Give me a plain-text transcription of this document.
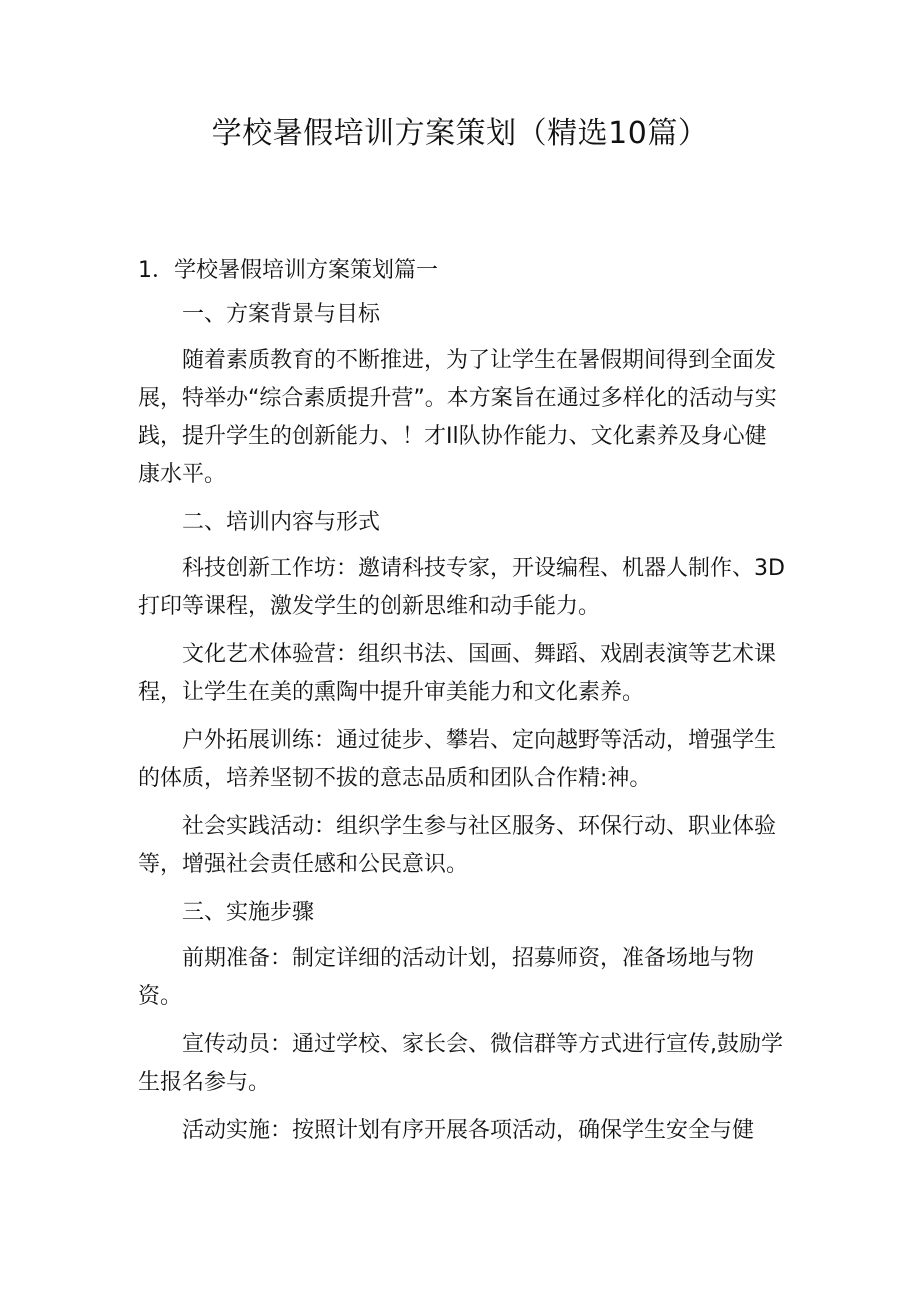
学校暑假培训方案策划（精选10篇）

1．学校暑假培训方案策划篇一

一、方案背景与目标

随着素质教育的不断推进，为了让学生在暑假期间得到全面发展，特举办“综合素质提升营”。本方案旨在通过多样化的活动与实践，提升学生的创新能力、！才Il队协作能力、文化素养及身心健康水平。

二、培训内容与形式

科技创新工作坊：邀请科技专家，开设编程、机器人制作、3D打印等课程，激发学生的创新思维和动手能力。

文化艺术体验营：组织书法、国画、舞蹈、戏剧表演等艺术课程，让学生在美的熏陶中提升审美能力和文化素养。

户外拓展训练：通过徒步、攀岩、定向越野等活动，增强学生的体质，培养坚韧不拔的意志品质和团队合作精:神。

社会实践活动：组织学生参与社区服务、环保行动、职业体验等，增强社会责任感和公民意识。

三、实施步骤

前期准备：制定详细的活动计划，招募师资，准备场地与物资。

宣传动员：通过学校、家长会、微信群等方式进行宣传,鼓励学生报名参与。

活动实施：按照计划有序开展各项活动，确保学生安全与健
